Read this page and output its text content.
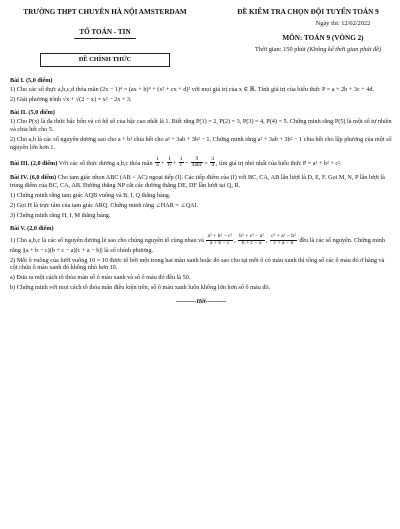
TRƯỜNG THPT CHUYÊN HÀ NỘI AMSTERDAM
TỔ TOÁN - TIN
ĐỀ CHÍNH THỨC
ĐỀ KIỂM TRA CHỌN ĐỘI TUYỂN TOÁN 9
Ngày thi: 12/02/2022
MÔN: TOÁN 9 (VÒNG 2)
Thời gian: 150 phút (Không kể thời gian phát đề)
Bài I. (5,0 điểm)

1) Cho các số thực a,b,c,d thỏa mãn (2x − 1)⁴ = (ax + b)⁴ + (x² + cx + d)² với mọi giá trị của x ∈ ℝ. Tính giá trị của biểu thức P = a + 2b + 3c + 4d.

2) Giải phương trình √x + √(2 − x) = x² − 2x + 3.

Bài II. (5,0 điểm)

1) Cho P(x) là đa thức bậc bốn và có hệ số của bậc cao nhất là 1. Biết rằng P(1) = 2, P(2) = 3, P(3) = 4, P(4) = 5. Chứng minh rằng P(5) là một số tự nhiên và chia hết cho 5.

2) Cho a,b là các số nguyên dương sao cho a + b³ chia hết cho a² + 3ab + 3b² − 1. Chứng minh rằng a² + 3ab + 3b² − 1 chia hết cho lập phương của một số nguyên lớn hơn 1.

Bài III. (2,0 điểm) Với các số thực dương a,b,c thỏa mãn $\frac{1}{a} + \frac{1}{b} + \frac{1}{c} - \frac{9}{\text{4abc}} = \frac{3}{4}$ , tìm giá trị nhỏ nhất của biểu thức P = a² + b² + c².

Bài IV. (6,0 điểm) Cho tam giác nhọn ABC (AB < AC) ngoại tiếp (I). Các tiếp điểm của (I) với BC, CA, AB lần lượt là D, E, F. Gọi M, N, P lần lượt là trung điểm của BC, CA, AB. Đường thẳng NP cắt các đường thẳng DE, DF lần lượt tại Q, R.

1) Chứng minh rằng tam giác AQB vuông và B, I, Q thẳng hàng.

2) Gọi H là trực tâm của tam giác ARQ. Chứng minh rằng ∠HAR = ∠QAI.

3) Chứng minh rằng H, I, M thẳng hàng.

Bài V. (2,0 điểm)

1) Cho a,b,c là các số nguyên dương lẻ sao cho chúng nguyên tố cùng nhau và $\frac{\text{a² + b² − c²}}{a + b - c}$ , $\frac{\text{b² + c² − a²}}{b + c - a}$ , $\frac{\text{c² + a² − b²}}{c + a - b}$ đều là các số nguyên. Chứng minh rằng |(a + b − c)(b + c − a)(c + a − b)| là số chính phương.

2) Mỗi ô vuông của lưới vuông 10 × 10 được tô bởi một trong hai màu xanh hoặc đỏ sao cho tại mỗi ô có màu xanh thì tổng số các ô màu đỏ ở hàng và cột chứa ô màu xanh đó không nhỏ hơn 10.

a) Đưa ra một cách tô thỏa mãn số ô màu xanh và số ô màu đỏ đều là 50.

b) Chứng minh với mọi cách tô thỏa mãn điều kiện trên, số ô màu xanh luôn không lớn hơn số ô màu đỏ.

----------Hết----------
